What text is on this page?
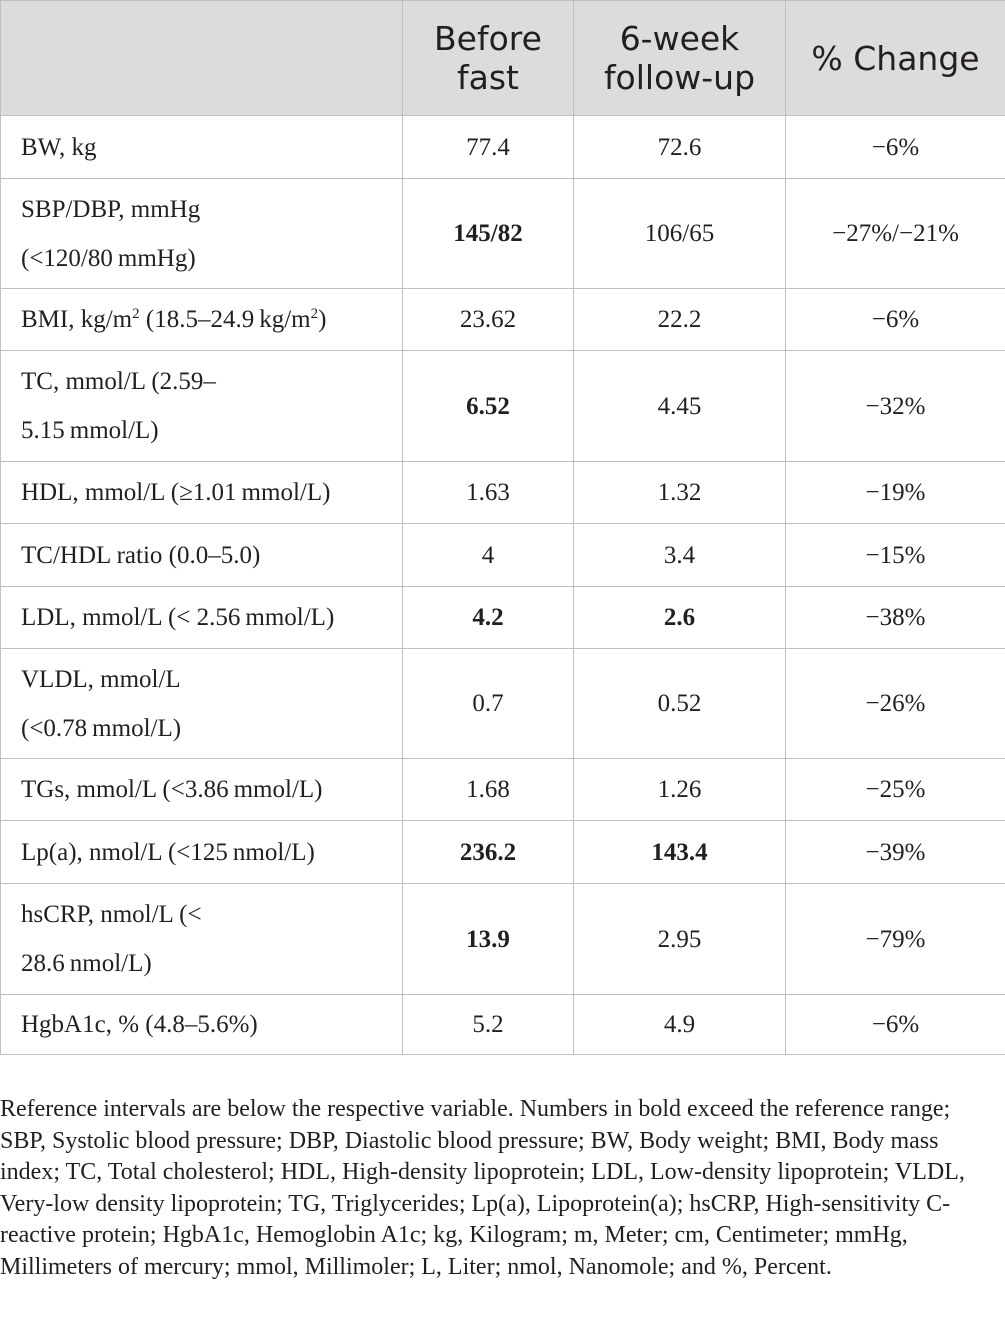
	Before fast	6-week follow-up	% Change
BW, kg	77.4	72.6	−6%
SBP/DBP, mmHg
(<120/80 mmHg)	145/82	106/65	−27%/−21%
BMI, $kg/m^2$ (18.5–24.9 $kg/m^2$)	23.62	22.2	−6%
TC, mmol/L (2.59–
5.15 mmol/L)	6.52	4.45	−32%
HDL, mmol/L (≥1.01 mmol/L)	1.63	1.32	−19%
TC/HDL ratio (0.0–5.0)	4	3.4	−15%
LDL, mmol/L (< 2.56 mmol/L)	4.2	2.6	−38%
VLDL, mmol/L
(<0.78 mmol/L)	0.7	0.52	−26%
TGs, mmol/L (<3.86 mmol/L)	1.68	1.26	−25%
Lp(a), nmol/L (<125 nmol/L)	236.2	143.4	−39%
hsCRP, nmol/L (<
28.6 nmol/L)	13.9	2.95	−79%
HgbA1c, % (4.8–5.6%)	5.2	4.9	−6%

Reference intervals are below the respective variable. Numbers in bold exceed the reference range; SBP, Systolic blood pressure; DBP, Diastolic blood pressure; BW, Body weight; BMI, Body mass index; TC, Total cholesterol; HDL, High-density lipoprotein; LDL, Low-density lipoprotein; VLDL, Very-low density lipoprotein; TG, Triglycerides; Lp(a), Lipoprotein(a); hsCRP, High-sensitivity C-reactive protein; HgbA1c, Hemoglobin A1c; kg, Kilogram; m, Meter; cm, Centimeter; mmHg, Millimeters of mercury; mmol, Millimoler; L, Liter; nmol, Nanomole; and %, Percent.
